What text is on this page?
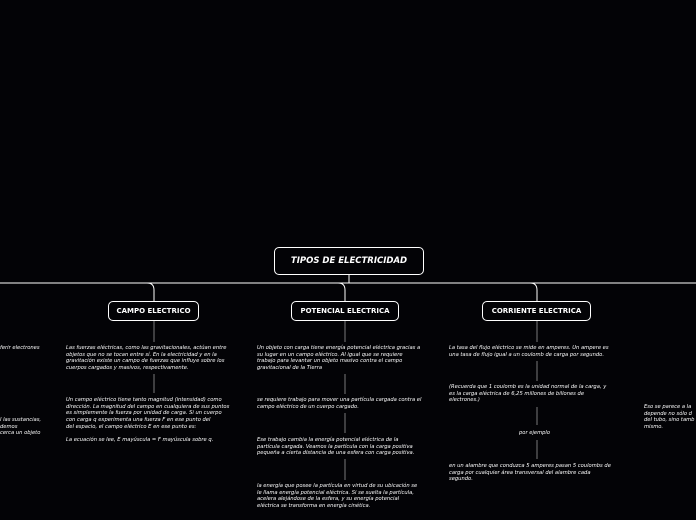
TIPOS DE ELECTRICIDAD
CAMPO ELECTRICO	POTENCIAL ELECTRICA	CORRIENTE ELECTRICA
ferir electrones
l las sustancias,
demos
cerca un objeto
Las fuerzas eléctricas, como las gravitacionales, actúan entre
objetos que no se tocan entre sí. En la electricidad y en la
gravitación existe un campo de fuerzas que influye sobre los
cuerpos cargados y masivos, respectivamente.
Un campo eléctrico tiene tanto magnitud (intensidad) como
dirección. La magnitud del campo en cualquiera de sus puntos
es simplemente la fuerza por unidad de carga. Si un cuerpo
con carga q experimenta una fuerza F en ese punto del
del espacio, el campo eléctrico E en ese punto es:

La ecuación se lee, E mayúscula = F mayúscula sobre q.
Un objeto con carga tiene energía potencial eléctrica gracias a
su lugar en un campo eléctrico. Al igual que se requiere
trabajo para levantar un objeto masivo contra el campo
gravitacional de la Tierra
se requiere trabajo para mover una partícula cargada contra el
campo eléctrico de un cuerpo cargado.
Ese trabajo cambia la energía potencial eléctrica de la
partícula cargada. Veamos la partícula con la carga positiva
pequeña a cierta distancia de una esfera con carga positiva.
la energía que posee la partícula en virtud de su ubicación se
le llama energía potencial eléctrica. Si se suelta la partícula,
acelera alejándose de la esfera, y su energía potencial
eléctrica se transforma en energía cinética.
La tasa del flujo eléctrico se mide en amperes. Un ampere es
una tasa de flujo igual a un coulomb de carga por segundo.
(Recuerda que 1 coulomb es la unidad normal de la carga, y
es la carga eléctrica de 6,25 millones de billones de
electrones.)
por ejemplo
en un alambre que conduzca 5 amperes pasan 5 coulombs de
carga por cualquier área transversal del alambre cada
segundo.
Eso se parece a la
depende no sólo d
del tubo, sino tamb
mismo.
